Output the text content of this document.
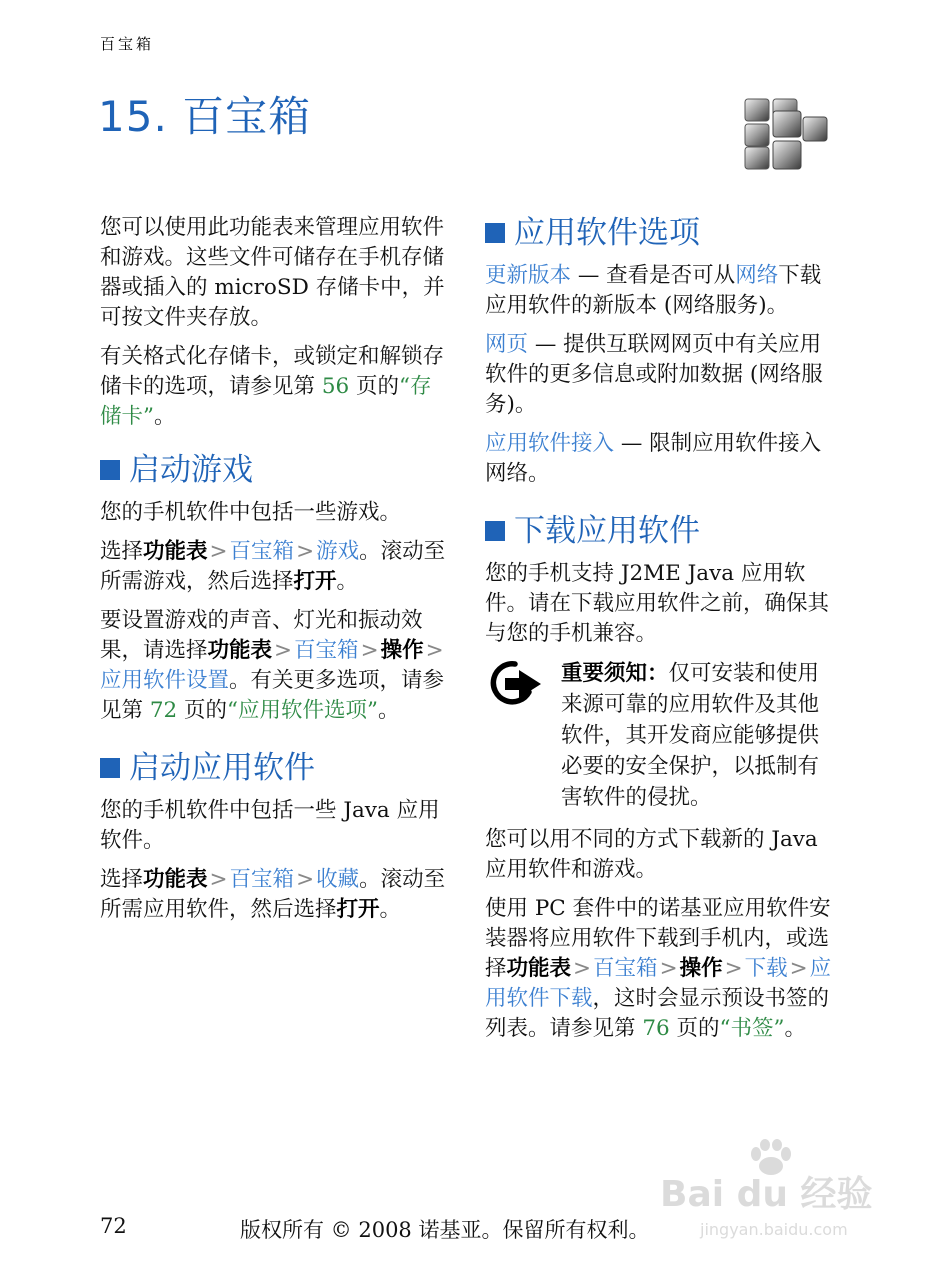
百宝箱
15. 百宝箱

您可以使用此功能表来管理应用软件和游戏。这些文件可储存在手机存储器或插入的 microSD 存储卡中，并可按文件夹存放。

有关格式化存储卡，或锁定和解锁存储卡的选项，请参见第 56 页的“存储卡”。

启动游戏

您的手机软件中包括一些游戏。

选择功能表>百宝箱>游戏。滚动至所需游戏，然后选择打开。

要设置游戏的声音、灯光和振动效果，请选择功能表>百宝箱>操作>应用软件设置。有关更多选项，请参见第 72 页的“应用软件选项”。

启动应用软件

您的手机软件中包括一些 Java 应用软件。

选择功能表>百宝箱>收藏。滚动至所需应用软件，然后选择打开。

应用软件选项

更新版本 — 查看是否可从网络下载应用软件的新版本 (网络服务)。

网页 — 提供互联网网页中有关应用软件的更多信息或附加数据 (网络服务)。

应用软件接入 — 限制应用软件接入网络。

下载应用软件

您的手机支持 J2ME Java 应用软件。请在下载应用软件之前，确保其与您的手机兼容。

重要须知：仅可安装和使用来源可靠的应用软件及其他软件，其开发商应能够提供必要的安全保护，以抵制有害软件的侵扰。

您可以用不同的方式下载新的 Java 应用软件和游戏。

使用 PC 套件中的诺基亚应用软件安装器将应用软件下载到手机内，或选择功能表>百宝箱>操作>下载>应用软件下载，这时会显示预设书签的列表。请参见第 76 页的“书签”。

Bai du 经验
jingyan.baidu.com
72	版权所有 © 2008 诺基亚。保留所有权利。
